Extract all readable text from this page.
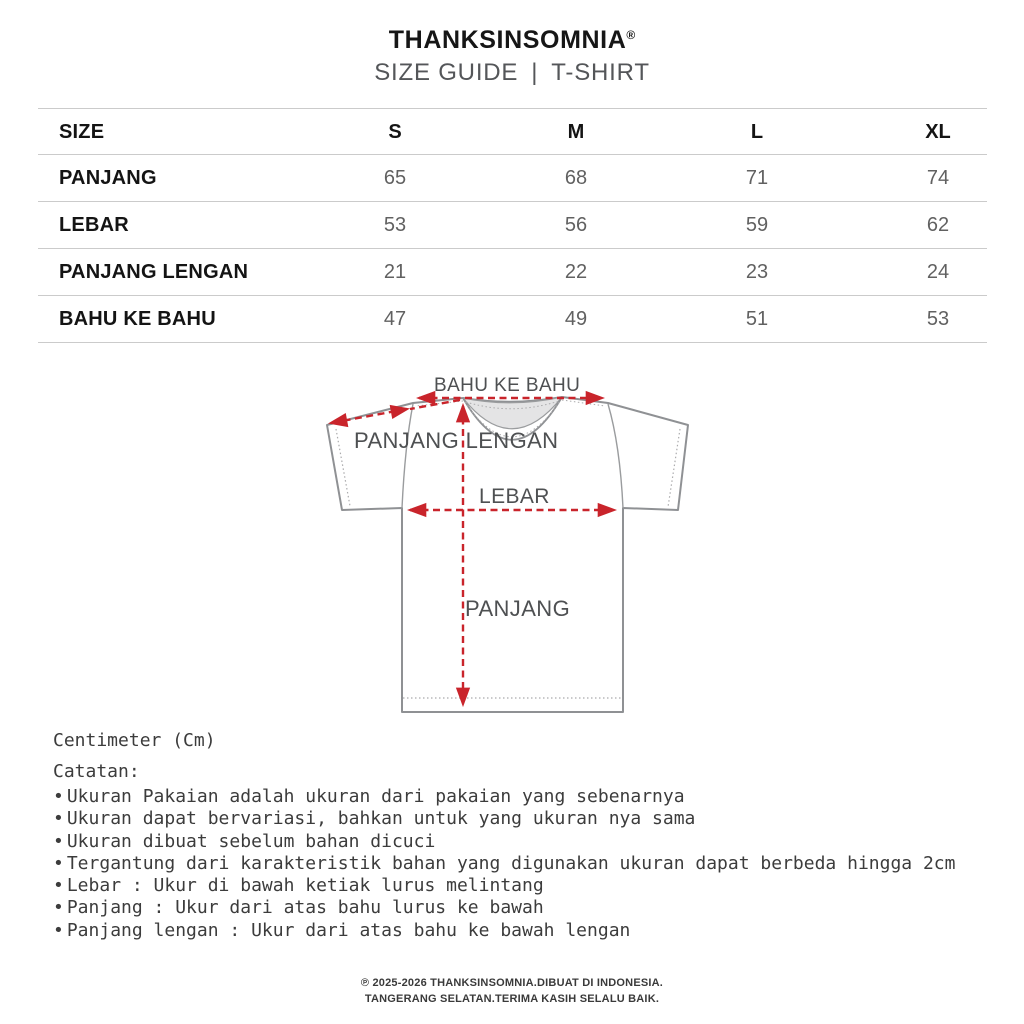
THANKSINSOMNIA®
SIZE GUIDE | T-SHIRT
SIZE	S	M	L	XL
PANJANG	65	68	71	74
LEBAR	53	56	59	62
PANJANG LENGAN	21	22	23	24
BAHU KE BAHU	47	49	51	53
BAHU KE BAHU
PANJANG LENGAN
LEBAR
PANJANG
Centimeter (Cm)
Catatan:
• Ukuran Pakaian adalah ukuran dari pakaian yang sebenarnya
• Ukuran dapat bervariasi, bahkan untuk yang ukuran nya sama
• Ukuran dibuat sebelum bahan dicuci
• Tergantung dari karakteristik bahan yang digunakan ukuran dapat berbeda hingga 2cm
• Lebar : Ukur di bawah ketiak lurus melintang
• Panjang : Ukur dari atas bahu lurus ke bawah
• Panjang lengan : Ukur dari atas bahu ke bawah lengan
℗ 2025-2026 THANKSINSOMNIA.DIBUAT DI INDONESIA.
TANGERANG SELATAN.TERIMA KASIH SELALU BAIK.
